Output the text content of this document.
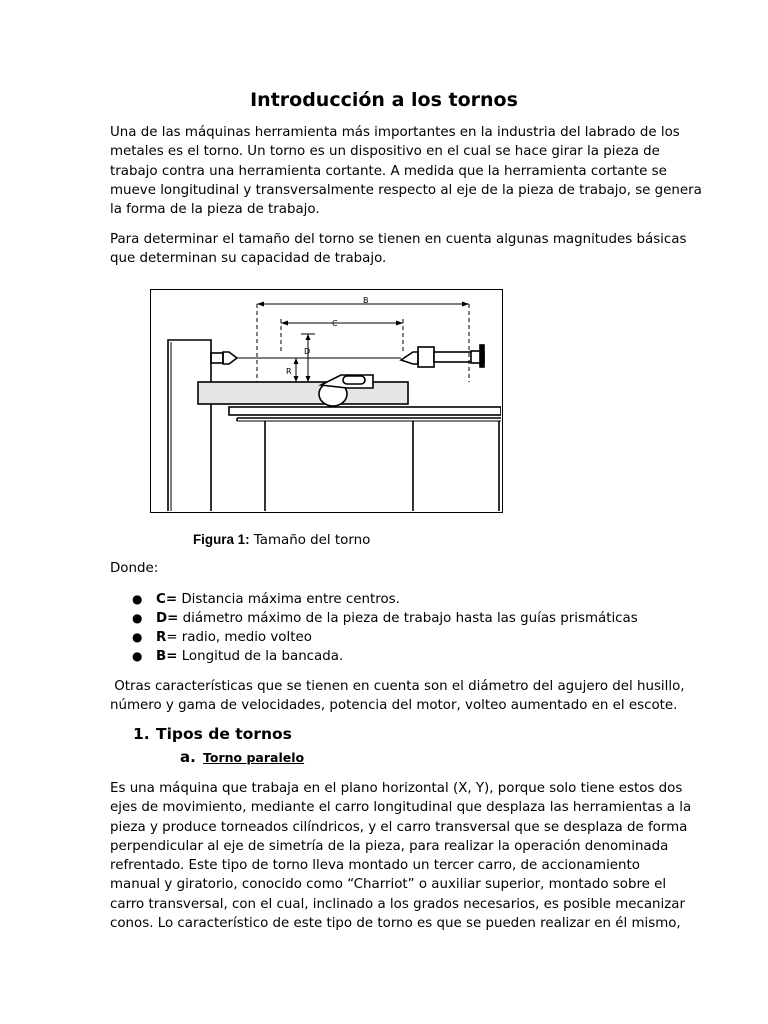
Introducción a los tornos

Una de las máquinas herramienta más importantes en la industria del labrado de los
metales es el torno. Un torno es un dispositivo en el cual se hace girar la pieza de
trabajo contra una herramienta cortante. A medida que la herramienta cortante se
mueve longitudinal y transversalmente respecto al eje de la pieza de trabajo, se genera
la forma de la pieza de trabajo.

Para determinar el tamaño del torno se tienen en cuenta algunas magnitudes básicas
que determinan su capacidad de trabajo.

B
C
D
R

Figura 1: Tamaño del torno

Donde:

● C= Distancia máxima entre centros.
● D= diámetro máximo de la pieza de trabajo hasta las guías prismáticas
● R= radio, medio volteo
● B= Longitud de la bancada.

Otras características que se tienen en cuenta son el diámetro del agujero del husillo,
número y gama de velocidades, potencia del motor, volteo aumentado en el escote.

1. Tipos de tornos
a. Torno paralelo

Es una máquina que trabaja en el plano horizontal (X, Y), porque solo tiene estos dos
ejes de movimiento, mediante el carro longitudinal que desplaza las herramientas a la
pieza y produce torneados cilíndricos, y el carro transversal que se desplaza de forma
perpendicular al eje de simetría de la pieza, para realizar la operación denominada
refrentado. Este tipo de torno lleva montado un tercer carro, de accionamiento
manual y giratorio, conocido como “Charriot” o auxiliar superior, montado sobre el
carro transversal, con el cual, inclinado a los grados necesarios, es posible mecanizar
conos. Lo característico de este tipo de torno es que se pueden realizar en él mismo,
